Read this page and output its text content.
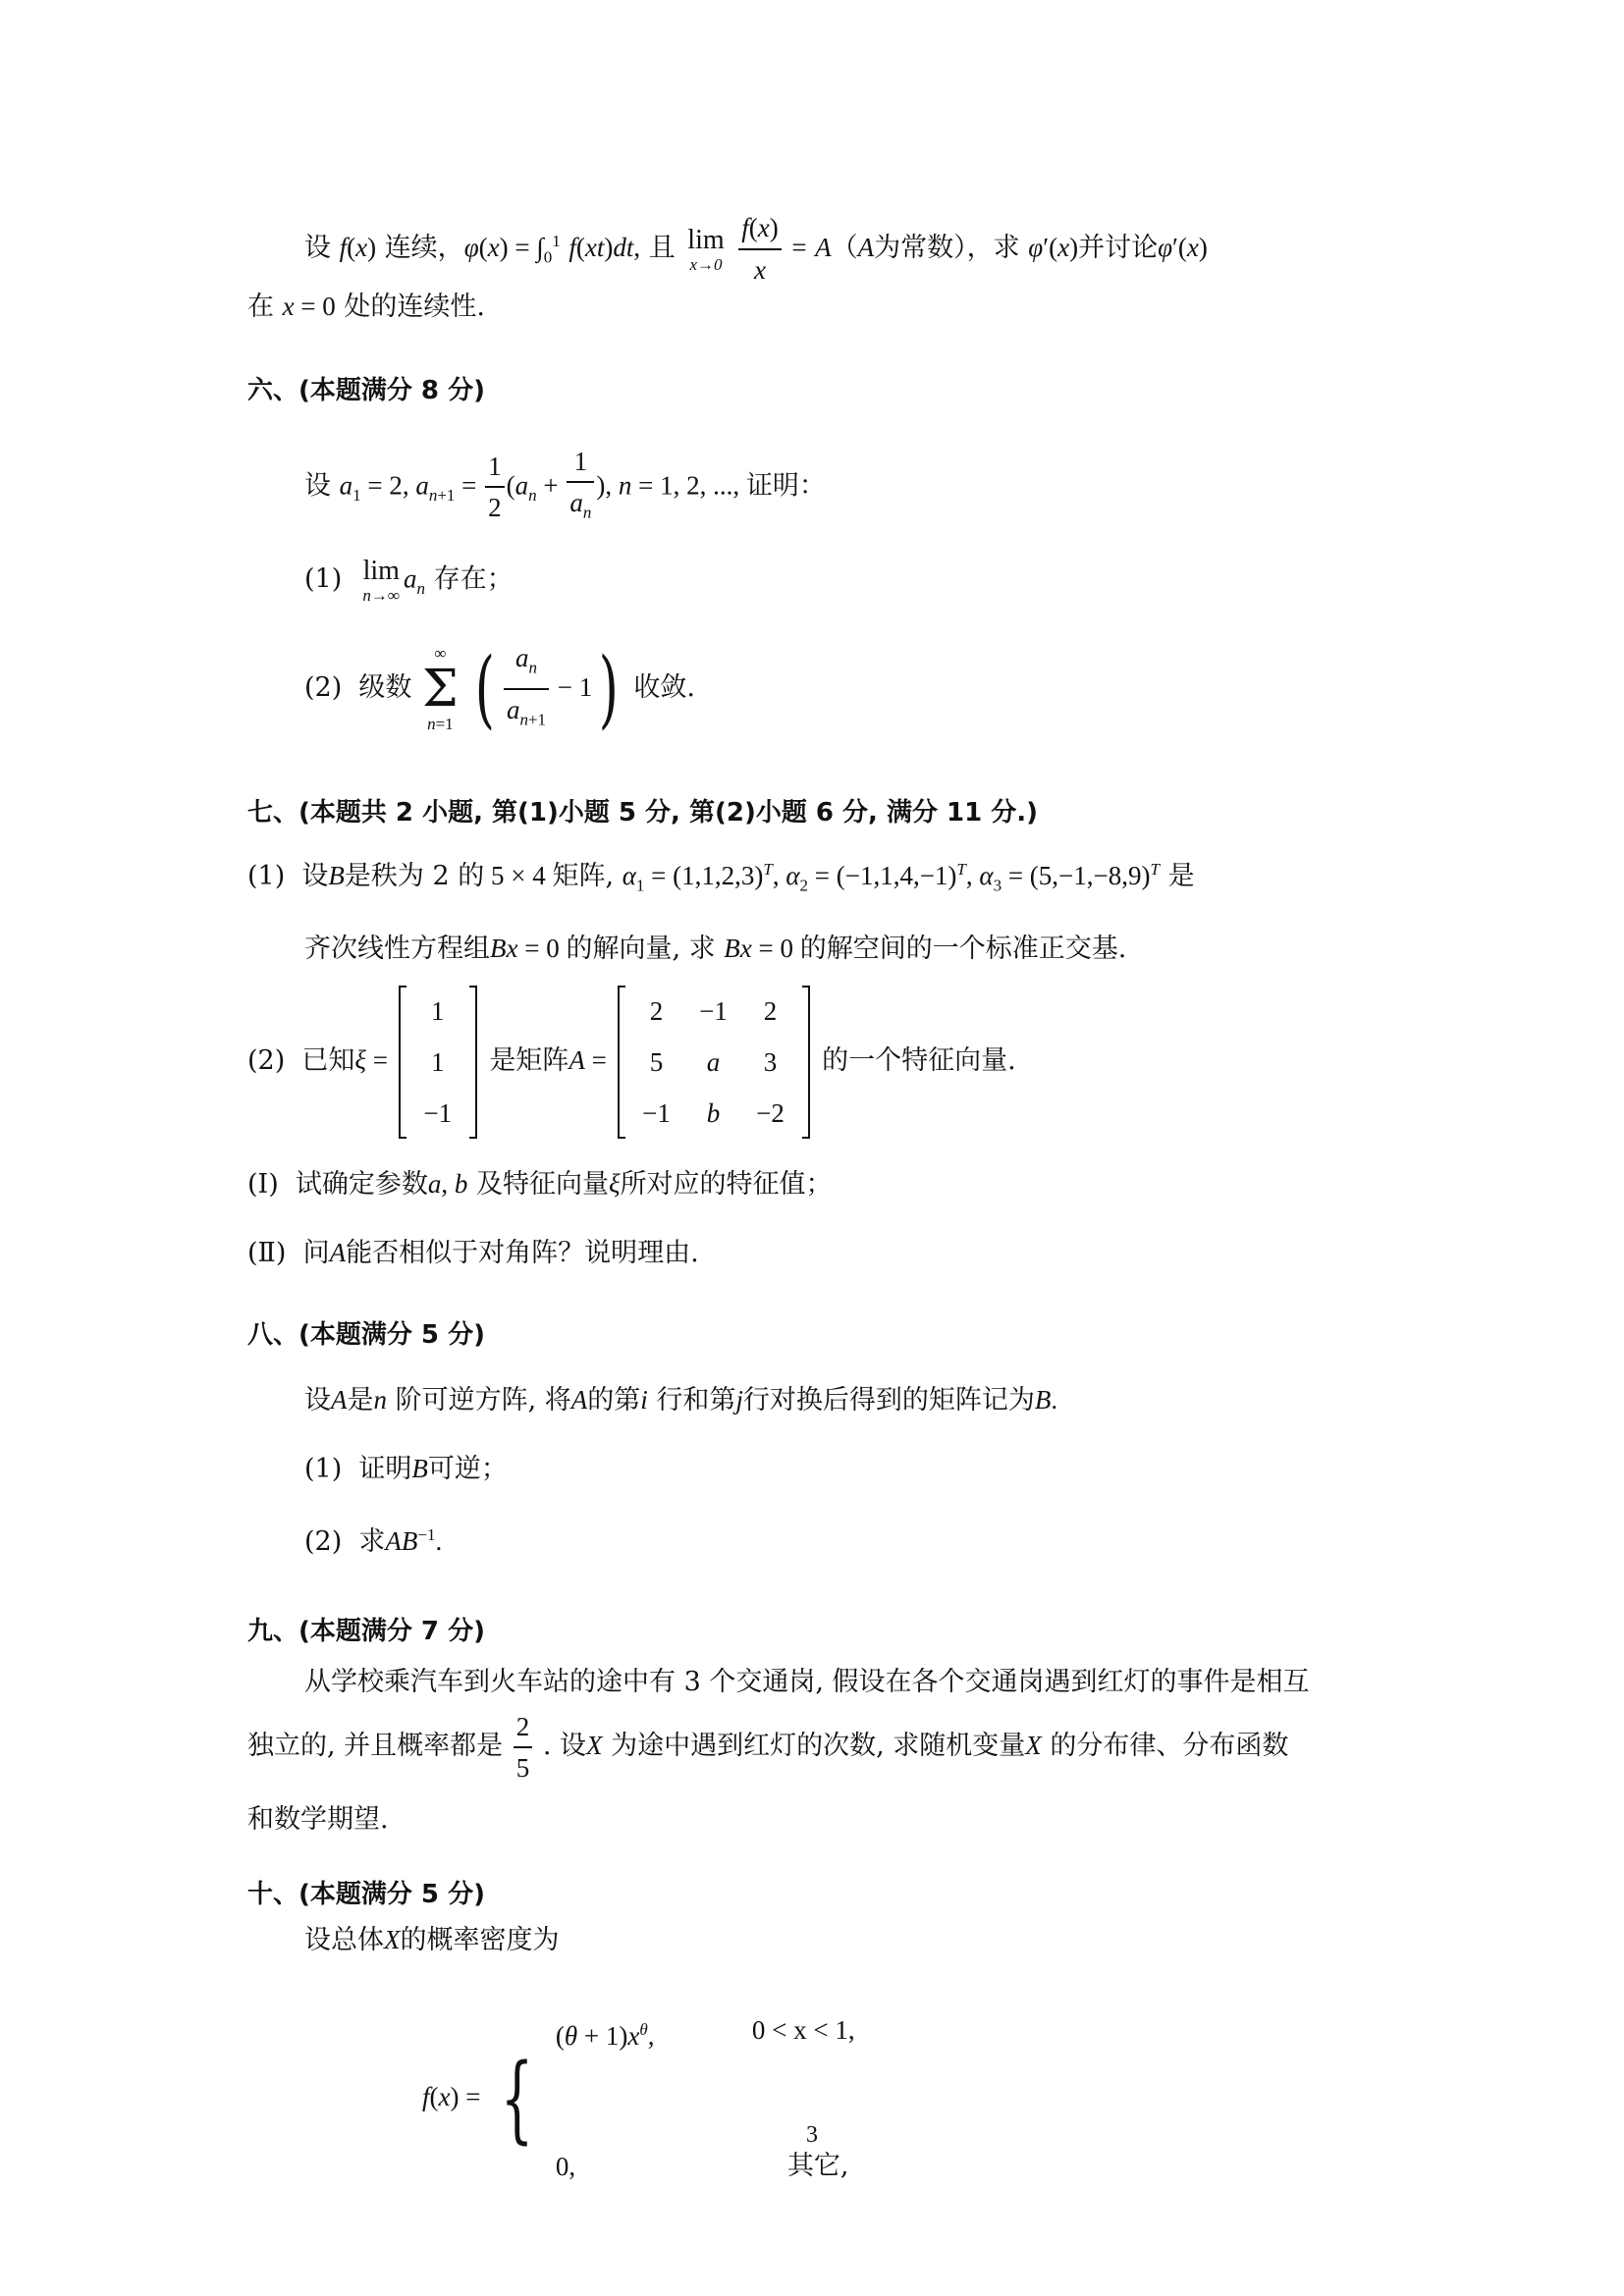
设 f(x) 连续，$\varphi(x) = \int_0^1$ f(xt)dt, 且 lim
x→0
$\frac{f(x)}{x} = A(A$为常数），求 φ′(x)并讨论φ′(x)
在 x = 0 处的连续性.
六、(本题满分 8 分)
设 $a_1 = 2$, $a_{n+1} = \frac{1}{2} (a_n + \frac{1}{a_n}$ ), n = 1, 2, ..., 证明：
(1) lim
n→∞
$a_n$ 存在；
(2) 级数
∞
Σ
n=1 ( $\frac{a_n}{a_{n+1}} - 1$) 收敛.
七、(本题共 2 小题, 第(1)小题 5 分, 第(2)小题 6 分, 满分 11 分.)
(1) 设B是秩为 2 的 5 × 4 矩阵, $\alpha_1 = (1,1,2,3)^T$, $\alpha_2 = (-1,1,4,-1)^T$, $\alpha_3 = (5,-1,-8,9)^T$ 是
齐次线性方程组Bx = 0 的解向量, 求 Bx = 0 的解空间的一个标准正交基.
(2) 已知ξ =
1
1
−1
是矩阵A =
2	−1	2
5	a	3
−1	b	−2
的一个特征向量.
(Ⅰ) 试确定参数a, b 及特征向量ξ所对应的特征值；
(Ⅱ) 问A能否相似于对角阵？说明理由.
八、(本题满分 5 分)
设A是n 阶可逆方阵, 将A的第i 行和第j行对换后得到的矩阵记为B.
(1) 证明B可逆；
(2) 求$AB^{-1}$.
九、(本题满分 7 分)
从学校乘汽车到火车站的途中有 3 个交通岗, 假设在各个交通岗遇到红灯的事件是相互
独立的, 并且概率都是 $\frac{2}{5}$ . 设X 为途中遇到红灯的次数, 求随机变量X 的分布律、分布函数
和数学期望.
十、(本题满分 5 分)
设总体X的概率密度为
f(x) = {
$(\theta + 1)x^\theta$,	0 < x < 1,
0,	其它,
3
